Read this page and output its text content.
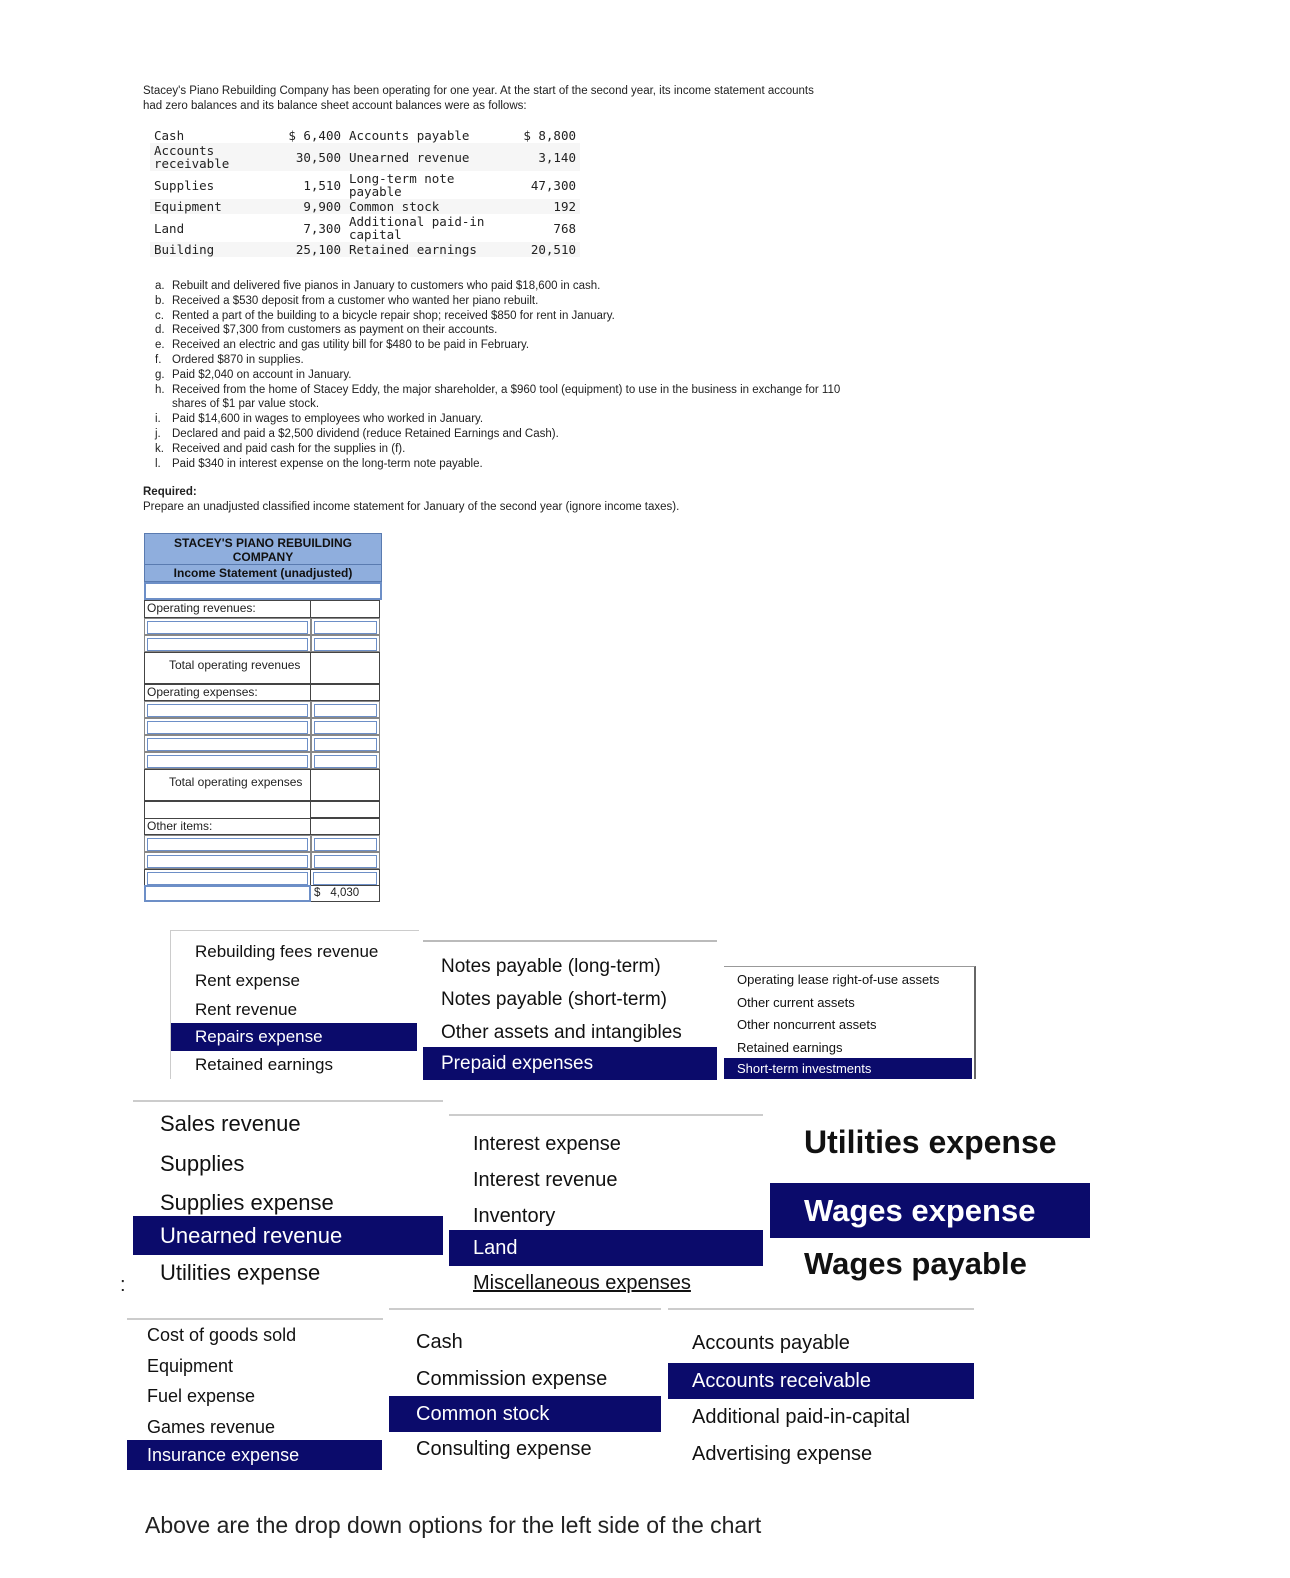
Stacey's Piano Rebuilding Company has been operating for one year. At the start of the second year, its income statement accounts had zero balances and its balance sheet account balances were as follows:
Cash	$ 6,400	Accounts payable	$ 8,800
Accounts receivable	30,500	Unearned revenue	3,140
Supplies	1,510	Long-term note payable	47,300
Equipment	9,900	Common stock	192
Land	7,300	Additional paid-in capital	768
Building	25,100	Retained earnings	20,510
a. Rebuilt and delivered five pianos in January to customers who paid $18,600 in cash.
b. Received a $530 deposit from a customer who wanted her piano rebuilt.
c. Rented a part of the building to a bicycle repair shop; received $850 for rent in January.
d. Received $7,300 from customers as payment on their accounts.
e. Received an electric and gas utility bill for $480 to be paid in February.
f. Ordered $870 in supplies.
g. Paid $2,040 on account in January.
h. Received from the home of Stacey Eddy, the major shareholder, a $960 tool (equipment) to use in the business in exchange for 110 shares of $1 par value stock.
i. Paid $14,600 in wages to employees who worked in January.
j. Declared and paid a $2,500 dividend (reduce Retained Earnings and Cash).
k. Received and paid cash for the supplies in (f).
l. Paid $340 in interest expense on the long-term note payable.
Required:
Prepare an unadjusted classified income statement for January of the second year (ignore income taxes).
STACEY'S PIANO REBUILDING COMPANY
Income Statement (unadjusted)
Operating revenues:
Total operating revenues
Operating expenses:
Total operating expenses
Other items:
$ 4,030
Rebuilding fees revenue
Rent expense
Rent revenue
Repairs expense
Retained earnings
Notes payable (long-term)
Notes payable (short-term)
Other assets and intangibles
Prepaid expenses
Operating lease right-of-use assets
Other current assets
Other noncurrent assets
Retained earnings
Short-term investments
Sales revenue
Supplies
Supplies expense
Unearned revenue
Utilities expense
Interest expense
Interest revenue
Inventory
Land
Miscellaneous expenses
Utilities expense
Wages expense
Wages payable
Cost of goods sold
Equipment
Fuel expense
Games revenue
Insurance expense
Cash
Commission expense
Common stock
Consulting expense
Accounts payable
Accounts receivable
Additional paid-in-capital
Advertising expense
:
Above are the drop down options for the left side of the chart
